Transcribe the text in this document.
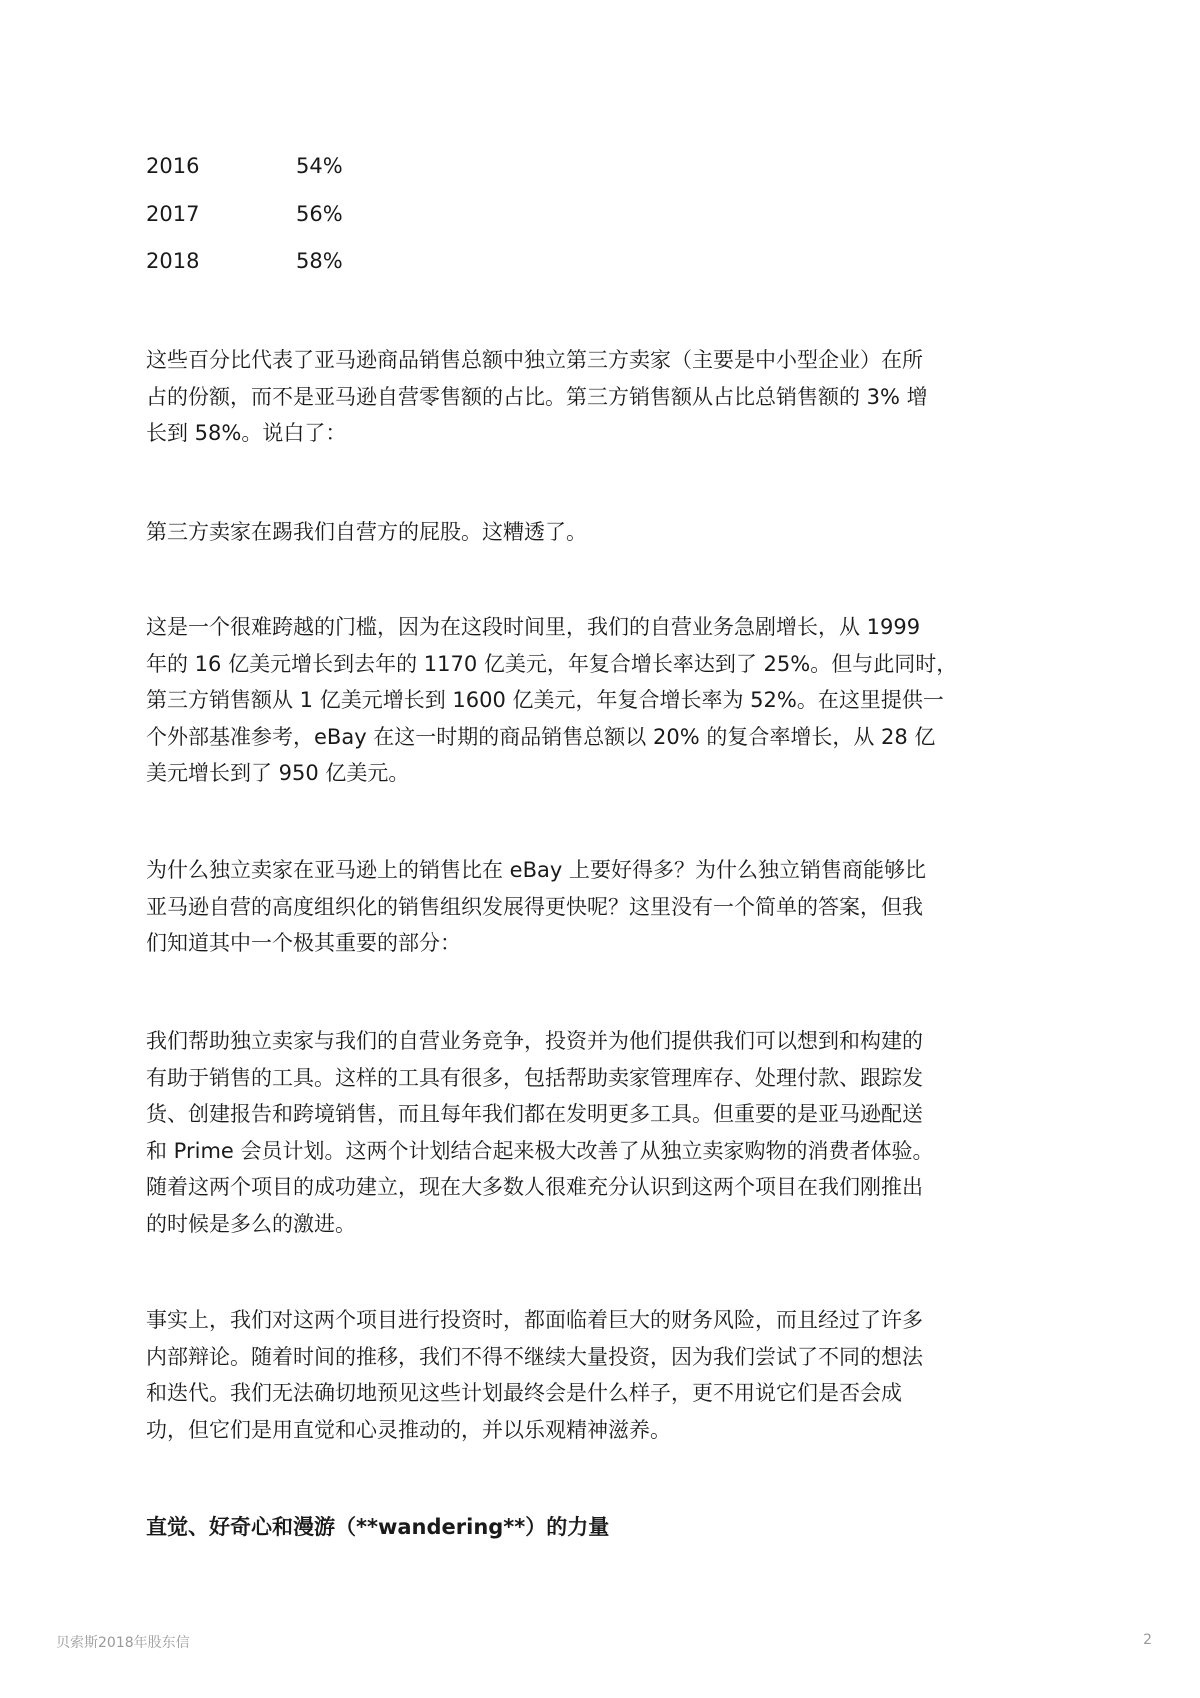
2016	54%
2017	56%
2018	58%
这些百分比代表了亚马逊商品销售总额中独立第三方卖家（主要是中小型企业）在所
占的份额，而不是亚马逊自营零售额的占比。第三方销售额从占比总销售额的 3% 增
长到 58%。说白了：
第三方卖家在踢我们自营方的屁股。这糟透了。
这是一个很难跨越的门槛，因为在这段时间里，我们的自营业务急剧增长，从 1999
年的 16 亿美元增长到去年的 1170 亿美元，年复合增长率达到了 25%。但与此同时，
第三方销售额从 1 亿美元增长到 1600 亿美元，年复合增长率为 52%。在这里提供一
个外部基准参考，eBay 在这一时期的商品销售总额以 20% 的复合率增长，从 28 亿
美元增长到了 950 亿美元。
为什么独立卖家在亚马逊上的销售比在 eBay 上要好得多？为什么独立销售商能够比
亚马逊自营的高度组织化的销售组织发展得更快呢？这里没有一个简单的答案，但我
们知道其中一个极其重要的部分：
我们帮助独立卖家与我们的自营业务竞争，投资并为他们提供我们可以想到和构建的
有助于销售的工具。这样的工具有很多，包括帮助卖家管理库存、处理付款、跟踪发
货、创建报告和跨境销售，而且每年我们都在发明更多工具。但重要的是亚马逊配送
和 Prime 会员计划。这两个计划结合起来极大改善了从独立卖家购物的消费者体验。
随着这两个项目的成功建立，现在大多数人很难充分认识到这两个项目在我们刚推出
的时候是多么的激进。
事实上，我们对这两个项目进行投资时，都面临着巨大的财务风险，而且经过了许多
内部辩论。随着时间的推移，我们不得不继续大量投资，因为我们尝试了不同的想法
和迭代。我们无法确切地预见这些计划最终会是什么样子，更不用说它们是否会成
功，但它们是用直觉和心灵推动的，并以乐观精神滋养。
直觉、好奇心和漫游（**wandering**）的力量
贝索斯2018年股东信	2
